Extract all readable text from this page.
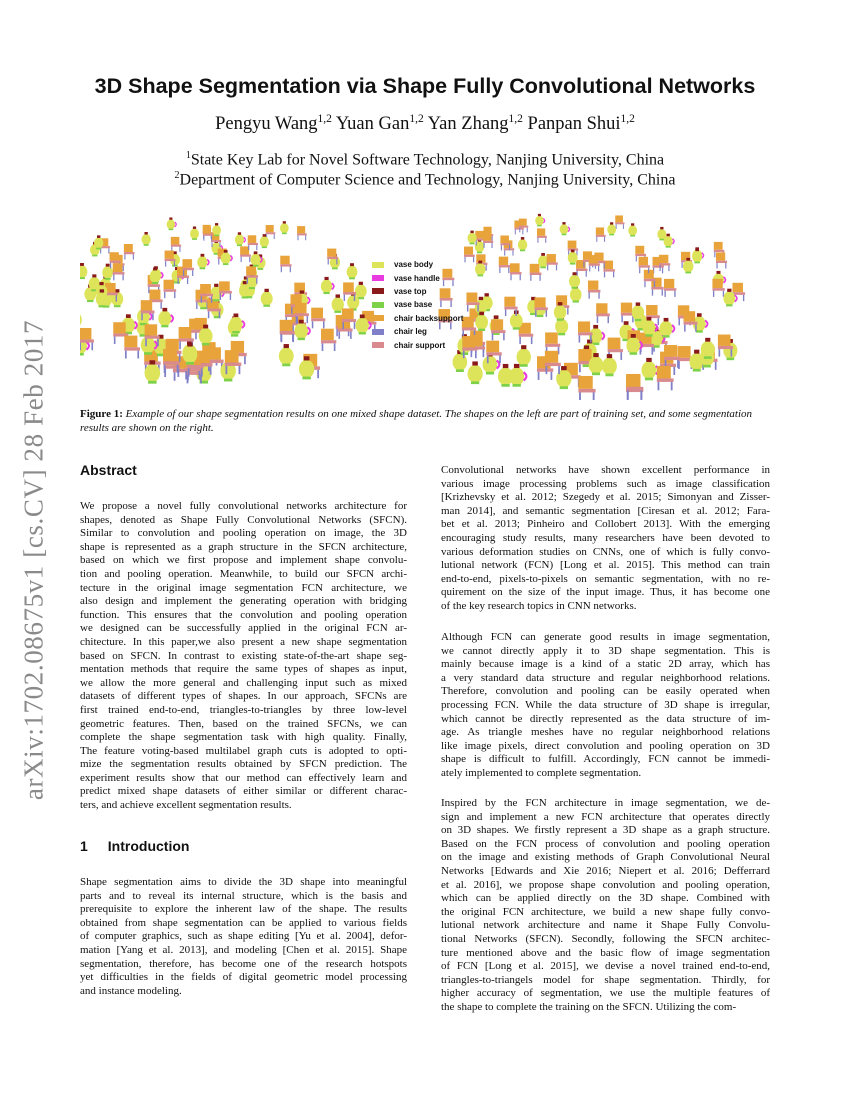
arXiv:1702.08675v1 [cs.CV] 28 Feb 2017
3D Shape Segmentation via Shape Fully Convolutional Networks
Pengyu Wang$^{1,2}$ Yuan Gan$^{1,2}$ Yan Zhang$^{1,2}$ Panpan Shui$^{1,2}$
$^1$State Key Lab for Novel Software Technology, Nanjing University, China
$^2$Department of Computer Science and Technology, Nanjing University, China
vase body
vase handle
vase top
vase base
chair backsupport
chair leg
chair support
Figure 1: Example of our shape segmentation results on one mixed shape dataset. The shapes on the left are part of training set, and some segmentation results are shown on the right.
Abstract
We propose a novel fully convolutional networks architecture for
shapes, denoted as Shape Fully Convolutional Networks (SFCN).
Similar to convolution and pooling operation on image, the 3D
shape is represented as a graph structure in the SFCN architecture,
based on which we first propose and implement shape convolu-
tion and pooling operation. Meanwhile, to build our SFCN archi-
tecture in the original image segmentation FCN architecture, we
also design and implement the generating operation with bridging
function. This ensures that the convolution and pooling operation
we designed can be successfully applied in the original FCN ar-
chitecture. In this paper,we also present a new shape segmentation
based on SFCN. In contrast to existing state-of-the-art shape seg-
mentation methods that require the same types of shapes as input,
we allow the more general and challenging input such as mixed
datasets of different types of shapes. In our approach, SFCNs are
first trained end-to-end, triangles-to-triangles by three low-level
geometric features. Then, based on the trained SFCNs, we can
complete the shape segmentation task with high quality. Finally,
The feature voting-based multilabel graph cuts is adopted to opti-
mize the segmentation results obtained by SFCN prediction. The
experiment results show that our method can effectively learn and
predict mixed shape datasets of either similar or different charac-
ters, and achieve excellent segmentation results.
1 Introduction
Shape segmentation aims to divide the 3D shape into meaningful
parts and to reveal its internal structure, which is the basis and
prerequisite to explore the inherent law of the shape. The results
obtained from shape segmentation can be applied to various fields
of computer graphics, such as shape editing [Yu et al. 2004], defor-
mation [Yang et al. 2013], and modeling [Chen et al. 2015]. Shape
segmentation, therefore, has become one of the research hotspots
yet difficulties in the fields of digital geometric model processing
and instance modeling.
Convolutional networks have shown excellent performance in
various image processing problems such as image classification
[Krizhevsky et al. 2012; Szegedy et al. 2015; Simonyan and Zisser-
man 2014], and semantic segmentation [Ciresan et al. 2012; Fara-
bet et al. 2013; Pinheiro and Collobert 2013]. With the emerging
encouraging study results, many researchers have been devoted to
various deformation studies on CNNs, one of which is fully convo-
lutional network (FCN) [Long et al. 2015]. This method can train
end-to-end, pixels-to-pixels on semantic segmentation, with no re-
quirement on the size of the input image. Thus, it has become one
of the key research topics in CNN networks.
Although FCN can generate good results in image segmentation,
we cannot directly apply it to 3D shape segmentation. This is
mainly because image is a kind of a static 2D array, which has
a very standard data structure and regular neighborhood relations.
Therefore, convolution and pooling can be easily operated when
processing FCN. While the data structure of 3D shape is irregular,
which cannot be directly represented as the data structure of im-
age. As triangle meshes have no regular neighborhood relations
like image pixels, direct convolution and pooling operation on 3D
shape is difficult to fulfill. Accordingly, FCN cannot be immedi-
ately implemented to complete segmentation.
Inspired by the FCN architecture in image segmentation, we de-
sign and implement a new FCN architecture that operates directly
on 3D shapes. We firstly represent a 3D shape as a graph structure.
Based on the FCN process of convolution and pooling operation
on the image and existing methods of Graph Convolutional Neural
Networks [Edwards and Xie 2016; Niepert et al. 2016; Defferrard
et al. 2016], we propose shape convolution and pooling operation,
which can be applied directly on the 3D shape. Combined with
the original FCN architecture, we build a new shape fully convo-
lutional network architecture and name it Shape Fully Convolu-
tional Networks (SFCN). Secondly, following the SFCN architec-
ture mentioned above and the basic flow of image segmentation
of FCN [Long et al. 2015], we devise a novel trained end-to-end,
triangles-to-triangels model for shape segmentation. Thirdly, for
higher accuracy of segmentation, we use the multiple features of
the shape to complete the training on the SFCN. Utilizing the com-
